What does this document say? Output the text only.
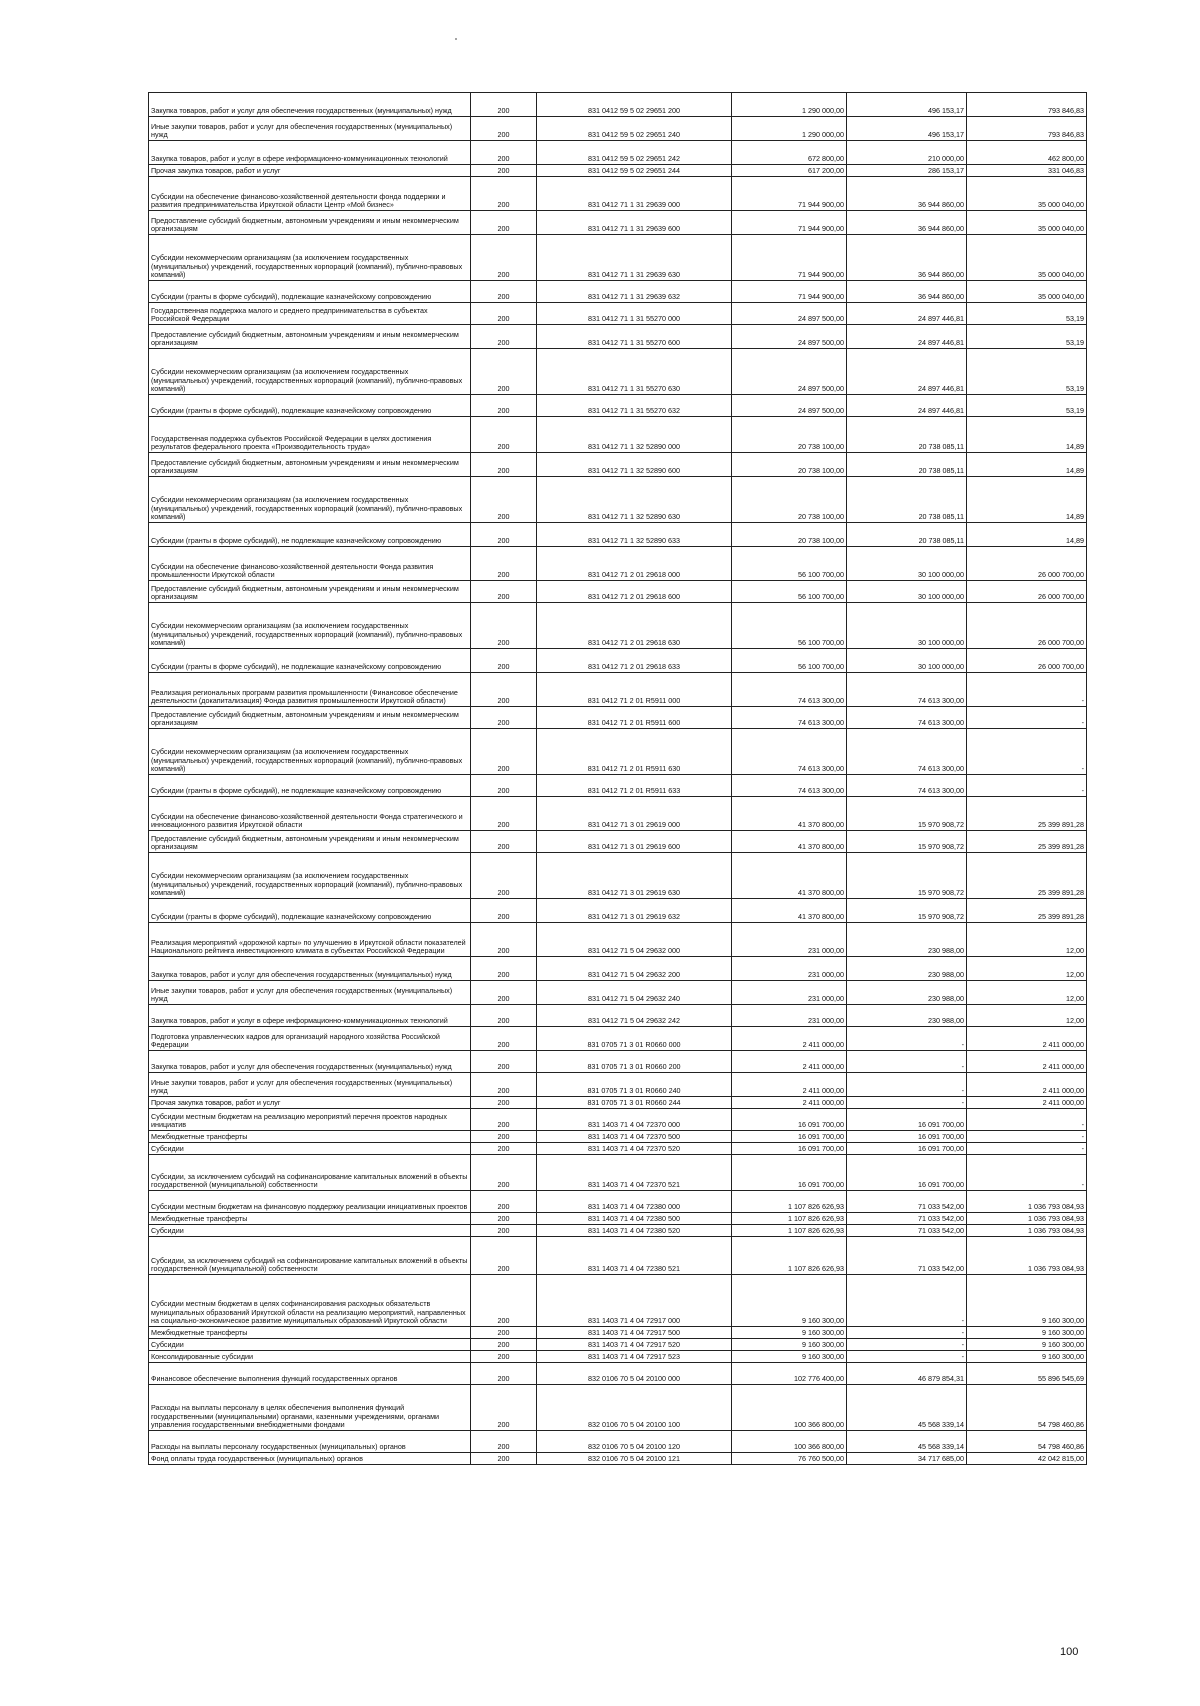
Закупка товаров, работ и услуг для обеспечения государственных (муниципальных) нужд	200	831 0412 59 5 02 29651 200	1 290 000,00	496 153,17	793 846,83
Иные закупки товаров, работ и услуг для обеспечения государственных (муниципальных) нужд	200	831 0412 59 5 02 29651 240	1 290 000,00	496 153,17	793 846,83
Закупка товаров, работ и услуг в сфере информационно-коммуникационных технологий	200	831 0412 59 5 02 29651 242	672 800,00	210 000,00	462 800,00
Прочая закупка товаров, работ и услуг	200	831 0412 59 5 02 29651 244	617 200,00	286 153,17	331 046,83
Субсидии на обеспечение финансово-хозяйственной деятельности фонда поддержки и развития предпринимательства Иркутской области Центр «Мой бизнес»	200	831 0412 71 1 31 29639 000	71 944 900,00	36 944 860,00	35 000 040,00
Предоставление субсидий бюджетным, автономным учреждениям и иным некоммерческим организациям	200	831 0412 71 1 31 29639 600	71 944 900,00	36 944 860,00	35 000 040,00
Субсидии некоммерческим организациям (за исключением государственных (муниципальных) учреждений, государственных корпораций (компаний), публично-правовых компаний)	200	831 0412 71 1 31 29639 630	71 944 900,00	36 944 860,00	35 000 040,00
Субсидии (гранты в форме субсидий), подлежащие казначейскому сопровождению	200	831 0412 71 1 31 29639 632	71 944 900,00	36 944 860,00	35 000 040,00
Государственная поддержка малого и среднего предпринимательства в субъектах Российской Федерации	200	831 0412 71 1 31 55270 000	24 897 500,00	24 897 446,81	53,19
Предоставление субсидий бюджетным, автономным учреждениям и иным некоммерческим организациям	200	831 0412 71 1 31 55270 600	24 897 500,00	24 897 446,81	53,19
Субсидии некоммерческим организациям (за исключением государственных (муниципальных) учреждений, государственных корпораций (компаний), публично-правовых компаний)	200	831 0412 71 1 31 55270 630	24 897 500,00	24 897 446,81	53,19
Субсидии (гранты в форме субсидий), подлежащие казначейскому сопровождению	200	831 0412 71 1 31 55270 632	24 897 500,00	24 897 446,81	53,19
Государственная поддержка субъектов Российской Федерации в целях достижения результатов федерального проекта «Производительность труда»	200	831 0412 71 1 32 52890 000	20 738 100,00	20 738 085,11	14,89
Предоставление субсидий бюджетным, автономным учреждениям и иным некоммерческим организациям	200	831 0412 71 1 32 52890 600	20 738 100,00	20 738 085,11	14,89
Субсидии некоммерческим организациям (за исключением государственных (муниципальных) учреждений, государственных корпораций (компаний), публично-правовых компаний)	200	831 0412 71 1 32 52890 630	20 738 100,00	20 738 085,11	14,89
Субсидии (гранты в форме субсидий), не подлежащие казначейскому сопровождению	200	831 0412 71 1 32 52890 633	20 738 100,00	20 738 085,11	14,89
Субсидии на обеспечение финансово-хозяйственной деятельности Фонда развития промышленности Иркутской области	200	831 0412 71 2 01 29618 000	56 100 700,00	30 100 000,00	26 000 700,00
Предоставление субсидий бюджетным, автономным учреждениям и иным некоммерческим организациям	200	831 0412 71 2 01 29618 600	56 100 700,00	30 100 000,00	26 000 700,00
Субсидии некоммерческим организациям (за исключением государственных (муниципальных) учреждений, государственных корпораций (компаний), публично-правовых компаний)	200	831 0412 71 2 01 29618 630	56 100 700,00	30 100 000,00	26 000 700,00
Субсидии (гранты в форме субсидий), не подлежащие казначейскому сопровождению	200	831 0412 71 2 01 29618 633	56 100 700,00	30 100 000,00	26 000 700,00
Реализация региональных программ развития промышленности (Финансовое обеспечение деятельности (докапитализация) Фонда развития промышленности Иркутской области)	200	831 0412 71 2 01 R5911 000	74 613 300,00	74 613 300,00	-
Предоставление субсидий бюджетным, автономным учреждениям и иным некоммерческим организациям	200	831 0412 71 2 01 R5911 600	74 613 300,00	74 613 300,00	-
Субсидии некоммерческим организациям (за исключением государственных (муниципальных) учреждений, государственных корпораций (компаний), публично-правовых компаний)	200	831 0412 71 2 01 R5911 630	74 613 300,00	74 613 300,00	-
Субсидии (гранты в форме субсидий), не подлежащие казначейскому сопровождению	200	831 0412 71 2 01 R5911 633	74 613 300,00	74 613 300,00	-
Субсидии на обеспечение финансово-хозяйственной деятельности Фонда стратегического и инновационного развития Иркутской области	200	831 0412 71 3 01 29619 000	41 370 800,00	15 970 908,72	25 399 891,28
Предоставление субсидий бюджетным, автономным учреждениям и иным некоммерческим организациям	200	831 0412 71 3 01 29619 600	41 370 800,00	15 970 908,72	25 399 891,28
Субсидии некоммерческим организациям (за исключением государственных (муниципальных) учреждений, государственных корпораций (компаний), публично-правовых компаний)	200	831 0412 71 3 01 29619 630	41 370 800,00	15 970 908,72	25 399 891,28
Субсидии (гранты в форме субсидий), подлежащие казначейскому сопровождению	200	831 0412 71 3 01 29619 632	41 370 800,00	15 970 908,72	25 399 891,28
Реализация мероприятий «дорожной карты» по улучшению в Иркутской области показателей Национального рейтинга инвестиционного климата в субъектах Российской Федерации	200	831 0412 71 5 04 29632 000	231 000,00	230 988,00	12,00
Закупка товаров, работ и услуг для обеспечения государственных (муниципальных) нужд	200	831 0412 71 5 04 29632 200	231 000,00	230 988,00	12,00
Иные закупки товаров, работ и услуг для обеспечения государственных (муниципальных) нужд	200	831 0412 71 5 04 29632 240	231 000,00	230 988,00	12,00
Закупка товаров, работ и услуг в сфере информационно-коммуникационных технологий	200	831 0412 71 5 04 29632 242	231 000,00	230 988,00	12,00
Подготовка управленческих кадров для организаций народного хозяйства Российской Федерации	200	831 0705 71 3 01 R0660 000	2 411 000,00	-	2 411 000,00
Закупка товаров, работ и услуг для обеспечения государственных (муниципальных) нужд	200	831 0705 71 3 01 R0660 200	2 411 000,00	-	2 411 000,00
Иные закупки товаров, работ и услуг для обеспечения государственных (муниципальных) нужд	200	831 0705 71 3 01 R0660 240	2 411 000,00	-	2 411 000,00
Прочая закупка товаров, работ и услуг	200	831 0705 71 3 01 R0660 244	2 411 000,00	-	2 411 000,00
Субсидии местным бюджетам на реализацию мероприятий перечня проектов народных инициатив	200	831 1403 71 4 04 72370 000	16 091 700,00	16 091 700,00	-
Межбюджетные трансферты	200	831 1403 71 4 04 72370 500	16 091 700,00	16 091 700,00	-
Субсидии	200	831 1403 71 4 04 72370 520	16 091 700,00	16 091 700,00	-
Субсидии, за исключением субсидий на софинансирование капитальных вложений в объекты государственной (муниципальной) собственности	200	831 1403 71 4 04 72370 521	16 091 700,00	16 091 700,00	-
Субсидии местным бюджетам на финансовую поддержку реализации инициативных проектов	200	831 1403 71 4 04 72380 000	1 107 826 626,93	71 033 542,00	1 036 793 084,93
Межбюджетные трансферты	200	831 1403 71 4 04 72380 500	1 107 826 626,93	71 033 542,00	1 036 793 084,93
Субсидии	200	831 1403 71 4 04 72380 520	1 107 826 626,93	71 033 542,00	1 036 793 084,93
Субсидии, за исключением субсидий на софинансирование капитальных вложений в объекты государственной (муниципальной) собственности	200	831 1403 71 4 04 72380 521	1 107 826 626,93	71 033 542,00	1 036 793 084,93
Субсидии местным бюджетам в целях софинансирования расходных обязательств муниципальных образований Иркутской области на реализацию мероприятий, направленных на социально-экономическое развитие муниципальных образований Иркутской области	200	831 1403 71 4 04 72917 000	9 160 300,00	-	9 160 300,00
Межбюджетные трансферты	200	831 1403 71 4 04 72917 500	9 160 300,00	-	9 160 300,00
Субсидии	200	831 1403 71 4 04 72917 520	9 160 300,00	-	9 160 300,00
Консолидированные субсидии	200	831 1403 71 4 04 72917 523	9 160 300,00	-	9 160 300,00
Финансовое обеспечение выполнения функций государственных органов	200	832 0106 70 5 04 20100 000	102 776 400,00	46 879 854,31	55 896 545,69
Расходы на выплаты персоналу в целях обеспечения выполнения функций государственными (муниципальными) органами, казенными учреждениями, органами управления государственными внебюджетными фондами	200	832 0106 70 5 04 20100 100	100 366 800,00	45 568 339,14	54 798 460,86
Расходы на выплаты персоналу государственных (муниципальных) органов	200	832 0106 70 5 04 20100 120	100 366 800,00	45 568 339,14	54 798 460,86
Фонд оплаты труда государственных (муниципальных) органов	200	832 0106 70 5 04 20100 121	76 760 500,00	34 717 685,00	42 042 815,00
100
